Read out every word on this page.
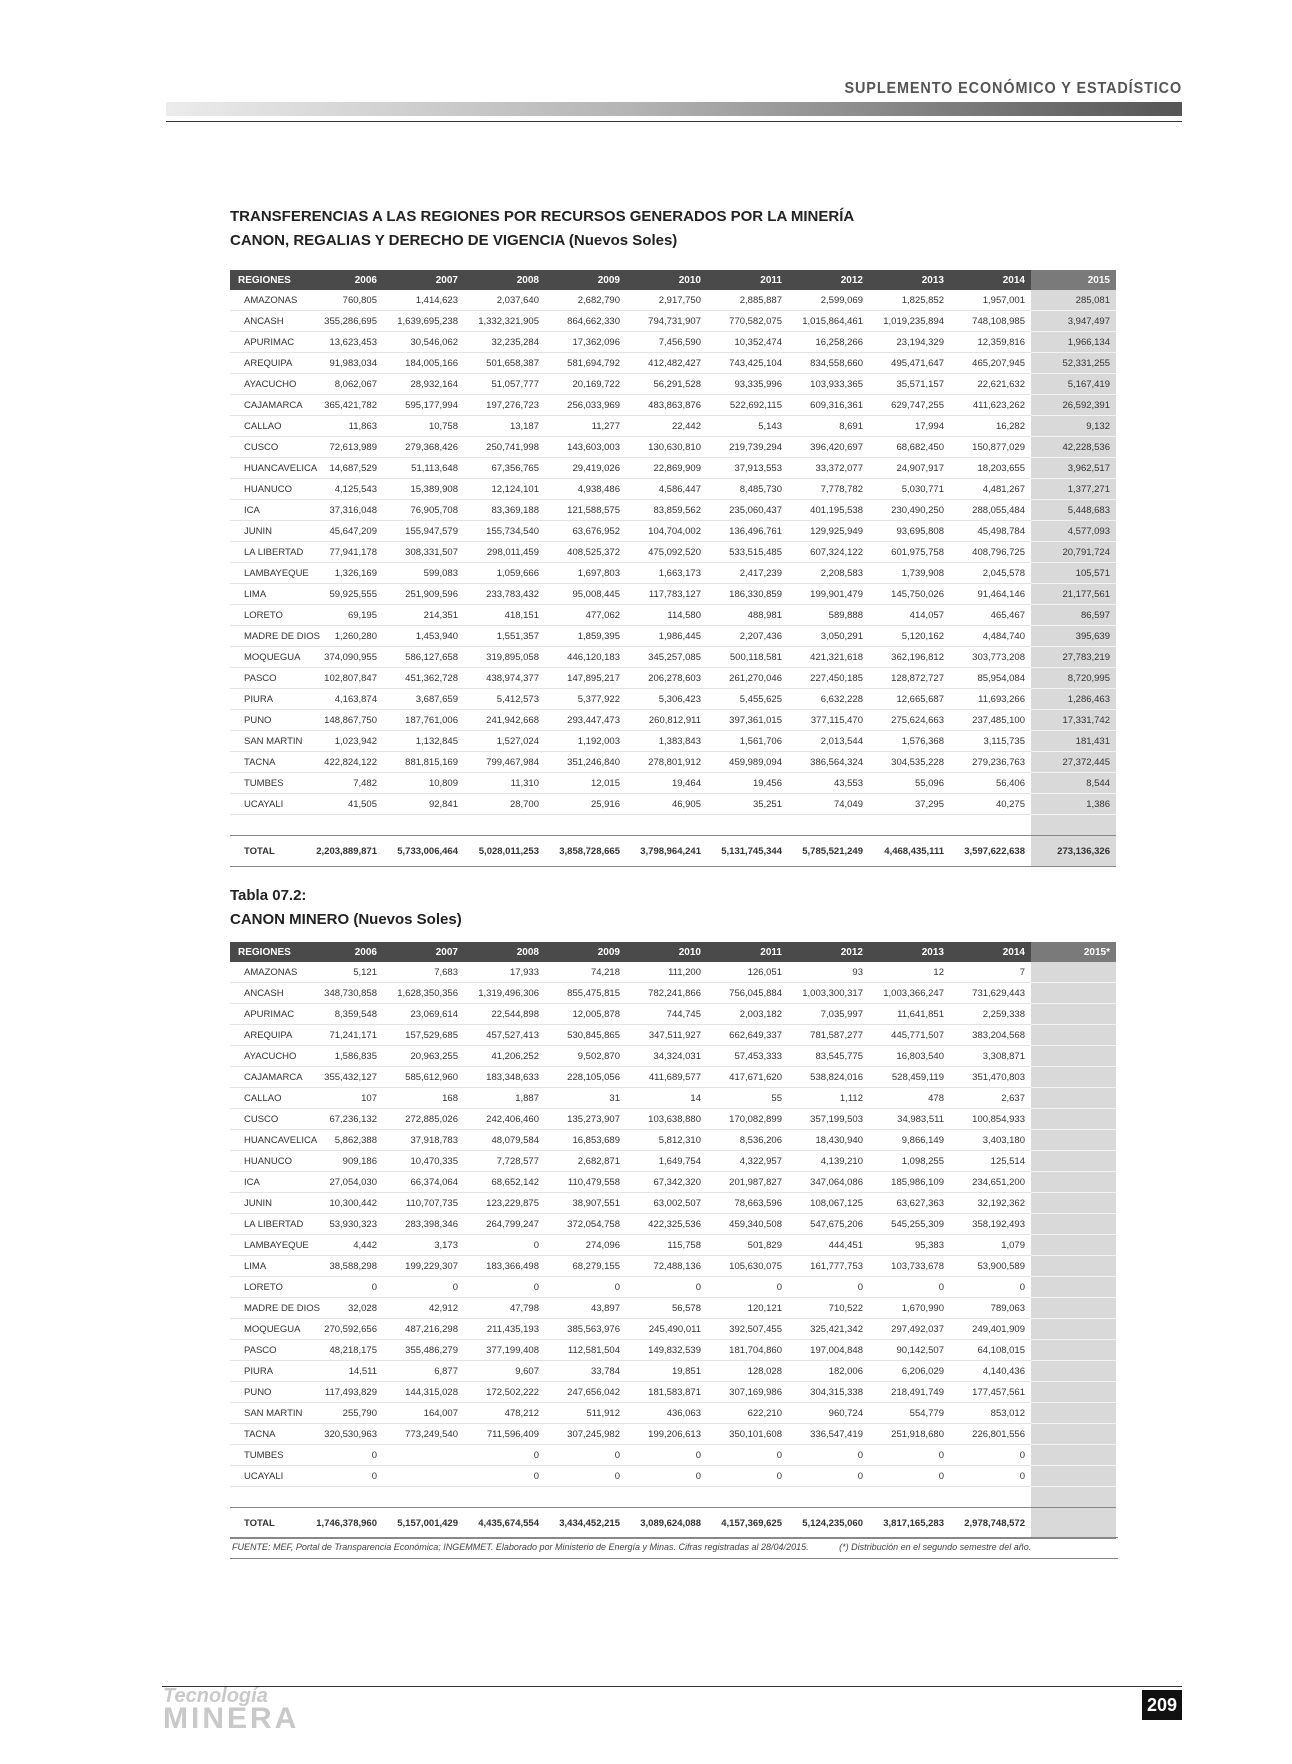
SUPLEMENTO ECONÓMICO Y ESTADÍSTICO
TRANSFERENCIAS A LAS REGIONES POR RECURSOS GENERADOS POR LA MINERÍA
CANON, REGALIAS Y DERECHO DE VIGENCIA (Nuevos Soles)
REGIONES	2006	2007	2008	2009	2010	2011	2012	2013	2014	2015
AMAZONAS	760,805	1,414,623	2,037,640	2,682,790	2,917,750	2,885,887	2,599,069	1,825,852	1,957,001	285,081
ANCASH	355,286,695	1,639,695,238	1,332,321,905	864,662,330	794,731,907	770,582,075	1,015,864,461	1,019,235,894	748,108,985	3,947,497
APURIMAC	13,623,453	30,546,062	32,235,284	17,362,096	7,456,590	10,352,474	16,258,266	23,194,329	12,359,816	1,966,134
AREQUIPA	91,983,034	184,005,166	501,658,387	581,694,792	412,482,427	743,425,104	834,558,660	495,471,647	465,207,945	52,331,255
AYACUCHO	8,062,067	28,932,164	51,057,777	20,169,722	56,291,528	93,335,996	103,933,365	35,571,157	22,621,632	5,167,419
CAJAMARCA	365,421,782	595,177,994	197,276,723	256,033,969	483,863,876	522,692,115	609,316,361	629,747,255	411,623,262	26,592,391
CALLAO	11,863	10,758	13,187	11,277	22,442	5,143	8,691	17,994	16,282	9,132
CUSCO	72,613,989	279,368,426	250,741,998	143,603,003	130,630,810	219,739,294	396,420,697	68,682,450	150,877,029	42,228,536
HUANCAVELICA	14,687,529	51,113,648	67,356,765	29,419,026	22,869,909	37,913,553	33,372,077	24,907,917	18,203,655	3,962,517
HUANUCO	4,125,543	15,389,908	12,124,101	4,938,486	4,586,447	8,485,730	7,778,782	5,030,771	4,481,267	1,377,271
ICA	37,316,048	76,905,708	83,369,188	121,588,575	83,859,562	235,060,437	401,195,538	230,490,250	288,055,484	5,448,683
JUNIN	45,647,209	155,947,579	155,734,540	63,676,952	104,704,002	136,496,761	129,925,949	93,695,808	45,498,784	4,577,093
LA LIBERTAD	77,941,178	308,331,507	298,011,459	408,525,372	475,092,520	533,515,485	607,324,122	601,975,758	408,796,725	20,791,724
LAMBAYEQUE	1,326,169	599,083	1,059,666	1,697,803	1,663,173	2,417,239	2,208,583	1,739,908	2,045,578	105,571
LIMA	59,925,555	251,909,596	233,783,432	95,008,445	117,783,127	186,330,859	199,901,479	145,750,026	91,464,146	21,177,561
LORETO	69,195	214,351	418,151	477,062	114,580	488,981	589,888	414,057	465,467	86,597
MADRE DE DIOS	1,260,280	1,453,940	1,551,357	1,859,395	1,986,445	2,207,436	3,050,291	5,120,162	4,484,740	395,639
MOQUEGUA	374,090,955	586,127,658	319,895,058	446,120,183	345,257,085	500,118,581	421,321,618	362,196,812	303,773,208	27,783,219
PASCO	102,807,847	451,362,728	438,974,377	147,895,217	206,278,603	261,270,046	227,450,185	128,872,727	85,954,084	8,720,995
PIURA	4,163,874	3,687,659	5,412,573	5,377,922	5,306,423	5,455,625	6,632,228	12,665,687	11,693,266	1,286,463
PUNO	148,867,750	187,761,006	241,942,668	293,447,473	260,812,911	397,361,015	377,115,470	275,624,663	237,485,100	17,331,742
SAN MARTIN	1,023,942	1,132,845	1,527,024	1,192,003	1,383,843	1,561,706	2,013,544	1,576,368	3,115,735	181,431
TACNA	422,824,122	881,815,169	799,467,984	351,246,840	278,801,912	459,989,094	386,564,324	304,535,228	279,236,763	27,372,445
TUMBES	7,482	10,809	11,310	12,015	19,464	19,456	43,553	55,096	56,406	8,544
UCAYALI	41,505	92,841	28,700	25,916	46,905	35,251	74,049	37,295	40,275	1,386

TOTAL	2,203,889,871	5,733,006,464	5,028,011,253	3,858,728,665	3,798,964,241	5,131,745,344	5,785,521,249	4,468,435,111	3,597,622,638	273,136,326
Tabla 07.2:
CANON MINERO (Nuevos Soles)
REGIONES	2006	2007	2008	2009	2010	2011	2012	2013	2014	2015*
AMAZONAS	5,121	7,683	17,933	74,218	111,200	126,051	93	12	7	
ANCASH	348,730,858	1,628,350,356	1,319,496,306	855,475,815	782,241,866	756,045,884	1,003,300,317	1,003,366,247	731,629,443	
APURIMAC	8,359,548	23,069,614	22,544,898	12,005,878	744,745	2,003,182	7,035,997	11,641,851	2,259,338	
AREQUIPA	71,241,171	157,529,685	457,527,413	530,845,865	347,511,927	662,649,337	781,587,277	445,771,507	383,204,568	
AYACUCHO	1,586,835	20,963,255	41,206,252	9,502,870	34,324,031	57,453,333	83,545,775	16,803,540	3,308,871	
CAJAMARCA	355,432,127	585,612,960	183,348,633	228,105,056	411,689,577	417,671,620	538,824,016	528,459,119	351,470,803	
CALLAO	107	168	1,887	31	14	55	1,112	478	2,637	
CUSCO	67,236,132	272,885,026	242,406,460	135,273,907	103,638,880	170,082,899	357,199,503	34,983,511	100,854,933	
HUANCAVELICA	5,862,388	37,918,783	48,079,584	16,853,689	5,812,310	8,536,206	18,430,940	9,866,149	3,403,180	
HUANUCO	909,186	10,470,335	7,728,577	2,682,871	1,649,754	4,322,957	4,139,210	1,098,255	125,514	
ICA	27,054,030	66,374,064	68,652,142	110,479,558	67,342,320	201,987,827	347,064,086	185,986,109	234,651,200	
JUNIN	10,300,442	110,707,735	123,229,875	38,907,551	63,002,507	78,663,596	108,067,125	63,627,363	32,192,362	
LA LIBERTAD	53,930,323	283,398,346	264,799,247	372,054,758	422,325,536	459,340,508	547,675,206	545,255,309	358,192,493	
LAMBAYEQUE	4,442	3,173	0	274,096	115,758	501,829	444,451	95,383	1,079	
LIMA	38,588,298	199,229,307	183,366,498	68,279,155	72,488,136	105,630,075	161,777,753	103,733,678	53,900,589	
LORETO	0	0	0	0	0	0	0	0	0	
MADRE DE DIOS	32,028	42,912	47,798	43,897	56,578	120,121	710,522	1,670,990	789,063	
MOQUEGUA	270,592,656	487,216,298	211,435,193	385,563,976	245,490,011	392,507,455	325,421,342	297,492,037	249,401,909	
PASCO	48,218,175	355,486,279	377,199,408	112,581,504	149,832,539	181,704,860	197,004,848	90,142,507	64,108,015	
PIURA	14,511	6,877	9,607	33,784	19,851	128,028	182,006	6,206,029	4,140,436	
PUNO	117,493,829	144,315,028	172,502,222	247,656,042	181,583,871	307,169,986	304,315,338	218,491,749	177,457,561	
SAN MARTIN	255,790	164,007	478,212	511,912	436,063	622,210	960,724	554,779	853,012	
TACNA	320,530,963	773,249,540	711,596,409	307,245,982	199,206,613	350,101,608	336,547,419	251,918,680	226,801,556	
TUMBES	0		0	0	0	0	0	0	0	
UCAYALI	0		0	0	0	0	0	0	0	

TOTAL	1,746,378,960	5,157,001,429	4,435,674,554	3,434,452,215	3,089,624,088	4,157,369,625	5,124,235,060	3,817,165,283	2,978,748,572	
FUENTE: MEF, Portal de Transparencia Económica; INGEMMET. Elaborado por Ministerio de Energía y Minas. Cifras registradas al 28/04/2015.	(*) Distribución en el segundo semestre del año.
Tecnología
MINERA	209
